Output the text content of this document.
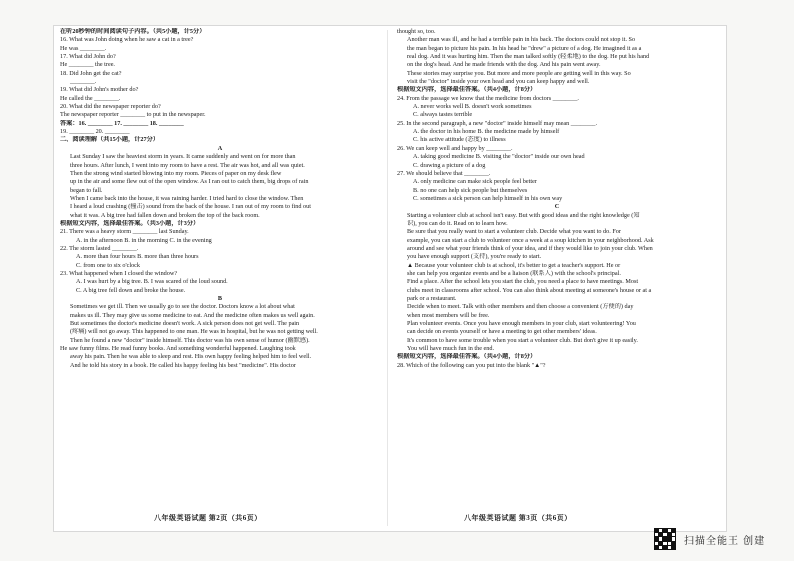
在听20秒钟的时间阅读句子内容。（共5小题，计5分）
16. What was John doing when he saw a cat in a tree?
He was ________.
17. What did John do?
He ________ the tree.
18. Did John get the cat?
________.
19. What did John's mother do?
He called the ________.
20. What did the newspaper reporter do?
The newspaper reporter ________ to put in the newspaper.
答案：16. ________ 17. ________ 18. ________
19. ________ 20. ________
二、阅读理解（共15小题，计27分）
A
Last Sunday I saw the heaviest storm in years. It came suddenly and went on for more than
three hours. After lunch, I went into my room to have a rest. The air was hot, and all was quiet.
Then the strong wind started blowing into my room. Pieces of paper on my desk flew
up in the air and some flew out of the open window. As I ran out to catch them, big drops of rain
began to fall.
When I came back into the house, it was raining harder. I tried hard to close the window. Then
I heard a loud crashing (撞击) sound from the back of the house. I ran out of my room to find out
what it was. A big tree had fallen down and broken the top of the back room.
根据短文内容，选择最佳答案。（共3小题，计3分）
21. There was a heavy storm ________ last Sunday.
A. in the afternoon B. in the morning C. in the evening
22. The storm lasted ________.
A. more than four hours B. more than three hours
C. from one to six o'clock
23. What happened when I closed the window?
A. I was hurt by a big tree. B. I was scared of the loud sound.
C. A big tree fell down and broke the house.
B
Sometimes we get ill. Then we usually go to see the doctor. Doctors know a lot about what
makes us ill. They may give us some medicine to eat. And the medicine often makes us well again.
But sometimes the doctor's medicine doesn't work. A sick person does not get well. The pain
(疼痛) will not go away. This happened to one man. He was in hospital, but he was not getting well.
Then he found a new "doctor" inside himself. This doctor was his own sense of humor (幽默感).
He saw funny films. He read funny books. And something wonderful happened. Laughing took
away his pain. Then he was able to sleep and rest. His own happy feeling helped him to feel well.
And he told his story in a book. He called his happy feeling his best "medicine". His doctor
thought so, too.
Another man was ill, and he had a terrible pain in his back. The doctors could not stop it. So
the man began to picture his pain. In his head he "drew" a picture of a dog. He imagined it as a
real dog. And it was hurting him. Then the man talked softly (轻柔地) to the dog. He put his hand
on the dog's head. And he made friends with the dog. And his pain went away.
These stories may surprise you. But more and more people are getting well in this way. So
visit the "doctor" inside your own head and you can keep happy and well.
根据短文内容，选择最佳答案。（共4小题，计8分）
24. From the passage we know that the medicine from doctors ________.
A. never works well B. doesn't work sometimes
C. always tastes terrible
25. In the second paragraph, a new "doctor" inside himself may mean ________.
A. the doctor in his home B. the medicine made by himself
C. his active attitude (态度) to illness
26. We can keep well and happy by ________.
A. taking good medicine B. visiting the "doctor" inside our own head
C. drawing a picture of a dog
27. We should believe that ________.
A. only medicine can make sick people feel better
B. no one can help sick people but themselves
C. sometimes a sick person can help himself in his own way
C
Starting a volunteer club at school isn't easy. But with good ideas and the right knowledge (知
识), you can do it. Read on to learn how.
Be sure that you really want to start a volunteer club. Decide what you want to do. For
example, you can start a club to volunteer once a week at a soup kitchen in your neighborhood. Ask
around and see what your friends think of your idea, and if they would like to join your club. When
you have enough support (支持), you're ready to start.
▲ Because your volunteer club is at school, it's better to get a teacher's support. He or
she can help you organize events and be a liaison (联系人) with the school's principal.
Find a place. After the school lets you start the club, you need a place to have meetings. Most
clubs meet in classrooms after school. You can also think about meeting at someone's house or at a
park or a restaurant.
Decide when to meet. Talk with other members and then choose a convenient (方便的) day
when most members will be free.
Plan volunteer events. Once you have enough members in your club, start volunteering! You
can decide on events yourself or have a meeting to get other members' ideas.
It's common to have some trouble when you start a volunteer club. But don't give it up easily.
You will have much fun in the end.
根据短文内容，选择最佳答案。（共4小题，计8分）
28. Which of the following can you put into the blank "▲"?
八年级英语试题 第2页（共6页）	八年级英语试题 第3页（共6页）
扫描全能王 创建
